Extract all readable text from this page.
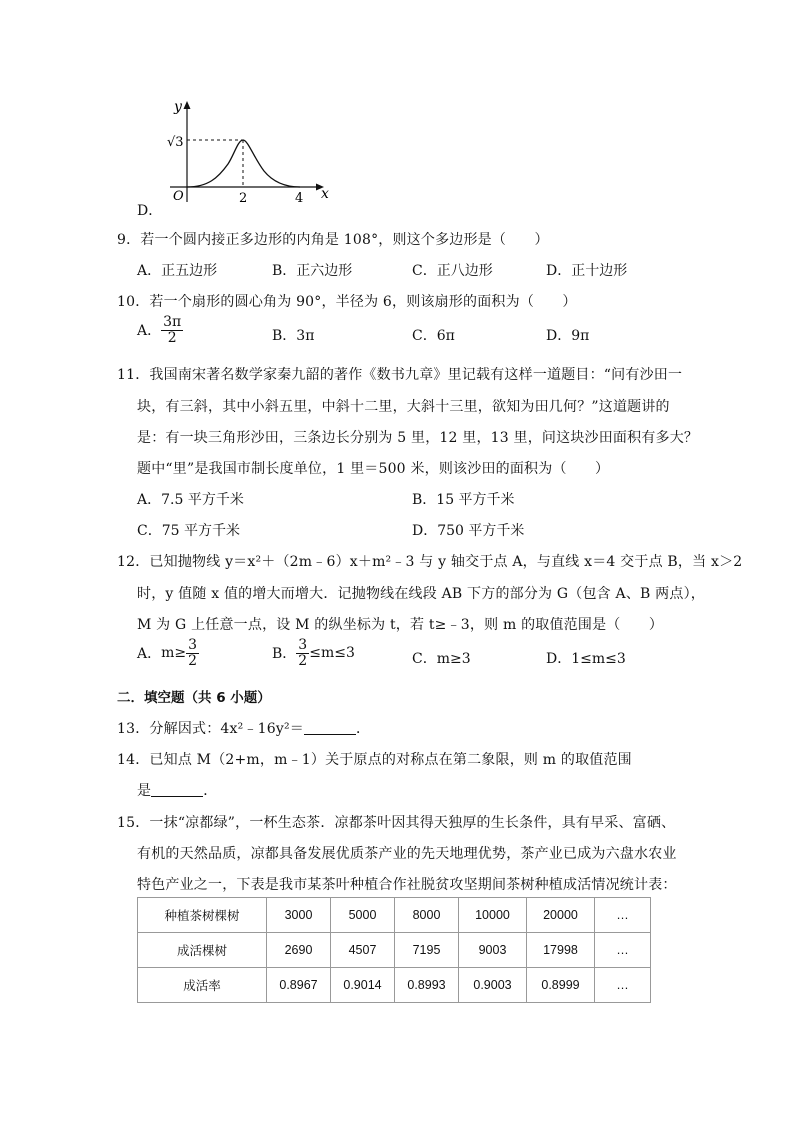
y
x
O
√3
2	4
D．
9．若一个圆内接正多边形的内角是 108°，则这个多边形是（　　）
A．正五边形	B．正六边形	C．正八边形	D．正十边形
10．若一个扇形的圆心角为 90°，半径为 6，则该扇形的面积为（　　）
A． $\frac{3\pi}{2}$	B．3π	C．6π	D．9π
11．我国南宋著名数学家秦九韶的著作《数书九章》里记载有这样一道题目：“问有沙田一
块，有三斜，其中小斜五里，中斜十二里，大斜十三里，欲知为田几何？”这道题讲的
是：有一块三角形沙田，三条边长分别为 5 里，12 里，13 里，问这块沙田面积有多大？
题中“里”是我国市制长度单位，1 里＝500 米，则该沙田的面积为（　　）
A．7.5 平方千米	B．15 平方千米
C．75 平方千米	D．750 平方千米
12．已知抛物线 y＝x²＋（2m﹣6）x＋m²﹣3 与 y 轴交于点 A，与直线 x＝4 交于点 B，当 x＞2
时，y 值随 x 值的增大而增大．记抛物线在线段 AB 下方的部分为 G（包含 A、B 两点），
M 为 G 上任意一点，设 M 的纵坐标为 t，若 t≥﹣3，则 m 的取值范围是（　　）
A．$m\ge \frac{3}{2}$	B． $\frac{3}{2} \le m\le 3$	C．m≥3	D．1≤m≤3
二．填空题（共 6 小题）
13．分解因式：4x²﹣16y²＝	．
14．已知点 M（2+m，m﹣1）关于原点的对称点在第二象限，则 m 的取值范围
是	．
15．一抹“凉都绿”，一杯生态茶．凉都茶叶因其得天独厚的生长条件，具有早采、富硒、
有机的天然品质，凉都具备发展优质茶产业的先天地理优势，茶产业已成为六盘水农业
特色产业之一，下表是我市某茶叶种植合作社脱贫攻坚期间茶树种植成活情况统计表：
种植茶树棵树	3000	5000	8000	10000	20000	…
成活棵树	2690	4507	7195	9003	17998	…
成活率	0.8967	0.9014	0.8993	0.9003	0.8999	…
